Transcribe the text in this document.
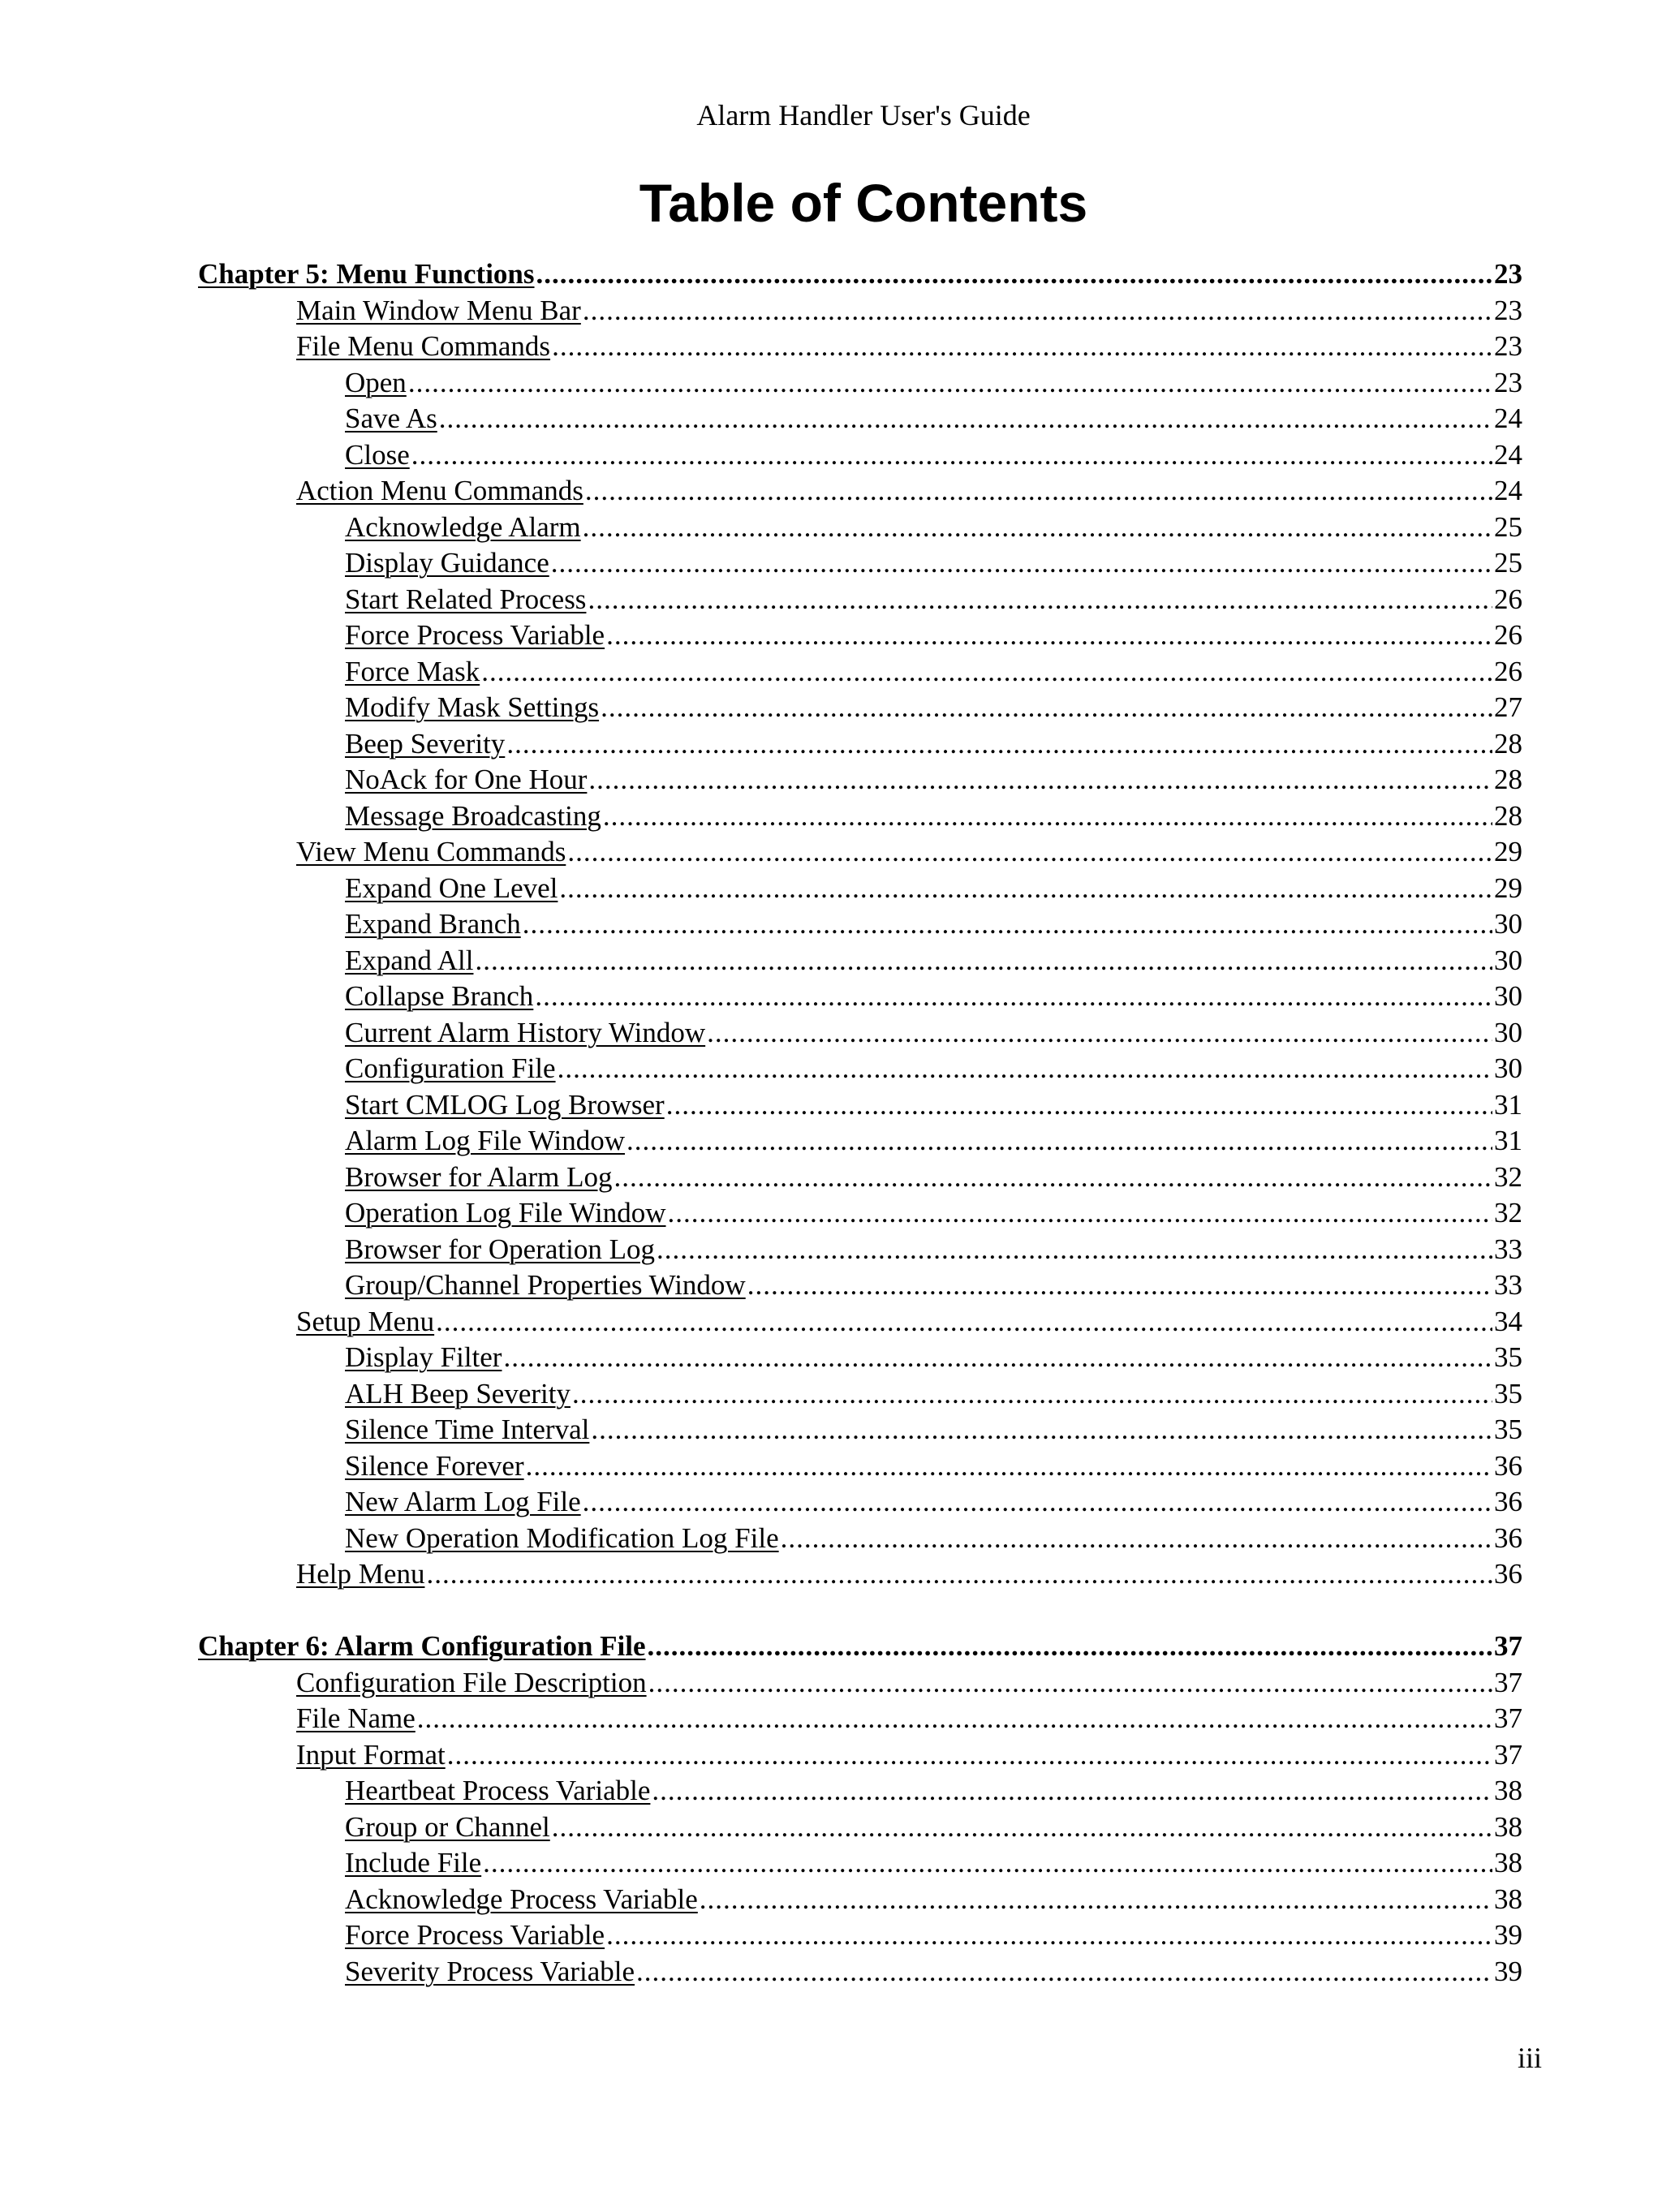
Alarm Handler User's Guide
Table of Contents
Chapter 5: Menu Functions .....	23
Main Window Menu Bar .....	23
File Menu Commands .....	23
Open .....	23
Save As .....	24
Close .....	24
Action Menu Commands .....	24
Acknowledge Alarm .....	25
Display Guidance .....	25
Start Related Process .....	26
Force Process Variable .....	26
Force Mask .....	26
Modify Mask Settings .....	27
Beep Severity .....	28
NoAck for One Hour .....	28
Message Broadcasting .....	28
View Menu Commands .....	29
Expand One Level .....	29
Expand Branch .....	30
Expand All .....	30
Collapse Branch .....	30
Current Alarm History Window .....	30
Configuration File .....	30
Start CMLOG Log Browser .....	31
Alarm Log File Window .....	31
Browser for Alarm Log .....	32
Operation Log File Window .....	32
Browser for Operation Log .....	33
Group/Channel Properties Window .....	33
Setup Menu .....	34
Display Filter .....	35
ALH Beep Severity .....	35
Silence Time Interval .....	35
Silence Forever .....	36
New Alarm Log File .....	36
New Operation Modification Log File .....	36
Help Menu .....	36
Chapter 6: Alarm Configuration File .....	37
Configuration File Description .....	37
File Name .....	37
Input Format .....	37
Heartbeat Process Variable .....	38
Group or Channel .....	38
Include File .....	38
Acknowledge Process Variable .....	38
Force Process Variable .....	39
Severity Process Variable .....	39
iii
